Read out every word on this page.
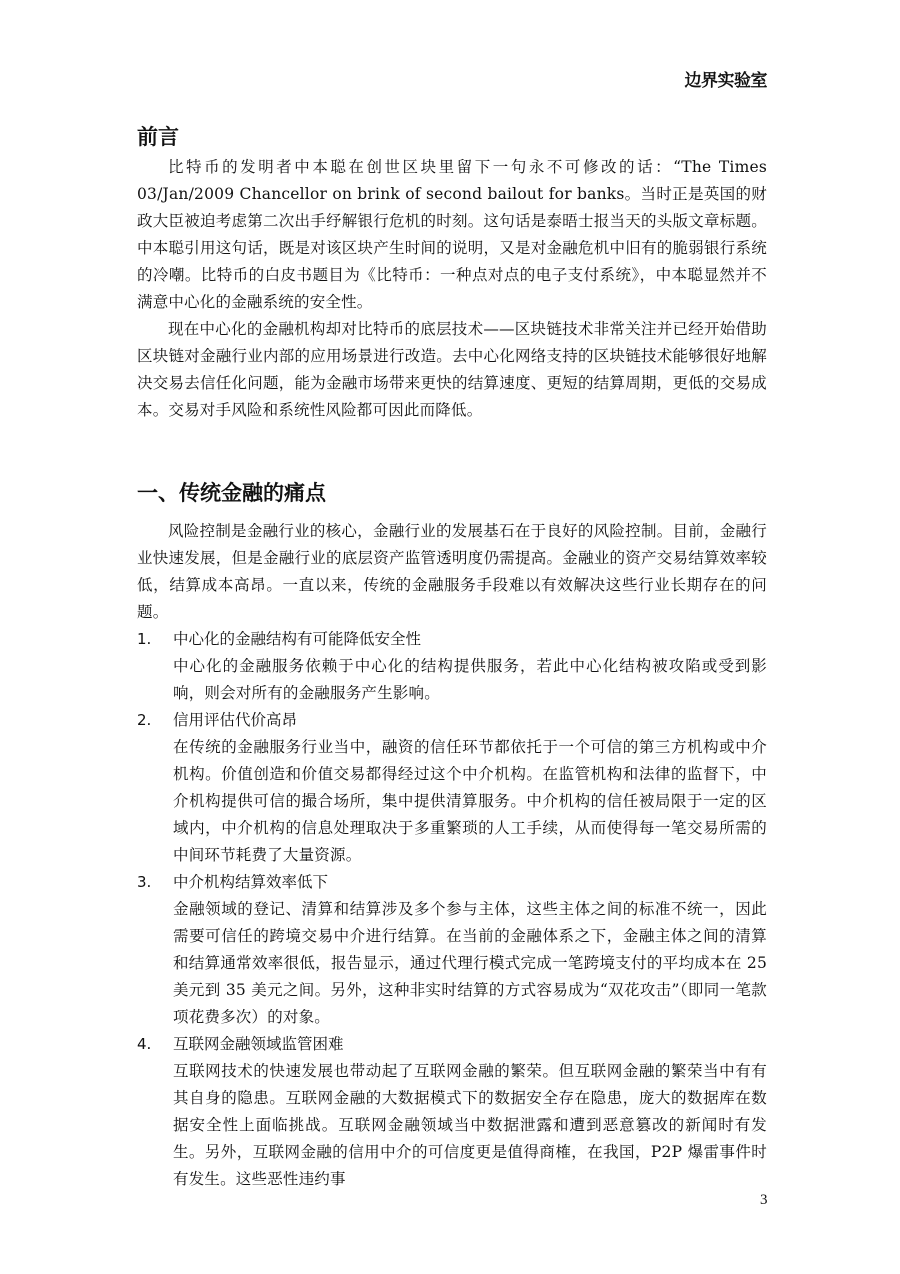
边界实验室
前言

比特币的发明者中本聪在创世区块里留下一句永不可修改的话：“The Times 03/Jan/2009 Chancellor on brink of second bailout for banks。当时正是英国的财政大臣被迫考虑第二次出手纾解银行危机的时刻。这句话是泰晤士报当天的头版文章标题。中本聪引用这句话，既是对该区块产生时间的说明，又是对金融危机中旧有的脆弱银行系统的冷嘲。比特币的白皮书题目为《比特币：一种点对点的电子支付系统》，中本聪显然并不满意中心化的金融系统的安全性。

现在中心化的金融机构却对比特币的底层技术——区块链技术非常关注并已经开始借助区块链对金融行业内部的应用场景进行改造。去中心化网络支持的区块链技术能够很好地解决交易去信任化问题，能为金融市场带来更快的结算速度、更短的结算周期，更低的交易成本。交易对手风险和系统性风险都可因此而降低。

一、传统金融的痛点

风险控制是金融行业的核心，金融行业的发展基石在于良好的风险控制。目前，金融行业快速发展，但是金融行业的底层资产监管透明度仍需提高。金融业的资产交易结算效率较低，结算成本高昂。一直以来，传统的金融服务手段难以有效解决这些行业长期存在的问题。

1.	中心化的金融结构有可能降低安全性
中心化的金融服务依赖于中心化的结构提供服务，若此中心化结构被攻陷或受到影响，则会对所有的金融服务产生影响。
2.	信用评估代价高昂
在传统的金融服务行业当中，融资的信任环节都依托于一个可信的第三方机构或中介机构。价值创造和价值交易都得经过这个中介机构。在监管机构和法律的监督下，中介机构提供可信的撮合场所，集中提供清算服务。中介机构的信任被局限于一定的区域内，中介机构的信息处理取决于多重繁琐的人工手续，从而使得每一笔交易所需的中间环节耗费了大量资源。
3.	中介机构结算效率低下
金融领域的登记、清算和结算涉及多个参与主体，这些主体之间的标准不统一，因此需要可信任的跨境交易中介进行结算。在当前的金融体系之下，金融主体之间的清算和结算通常效率很低，报告显示，通过代理行模式完成一笔跨境支付的平均成本在 25 美元到 35 美元之间。另外，这种非实时结算的方式容易成为“双花攻击”（即同一笔款项花费多次）的对象。
4.	互联网金融领域监管困难
互联网技术的快速发展也带动起了互联网金融的繁荣。但互联网金融的繁荣当中有有其自身的隐患。互联网金融的大数据模式下的数据安全存在隐患，庞大的数据库在数据安全性上面临挑战。互联网金融领域当中数据泄露和遭到恶意篡改的新闻时有发生。另外，互联网金融的信用中介的可信度更是值得商榷，在我国，P2P 爆雷事件时有发生。这些恶性违约事
3
